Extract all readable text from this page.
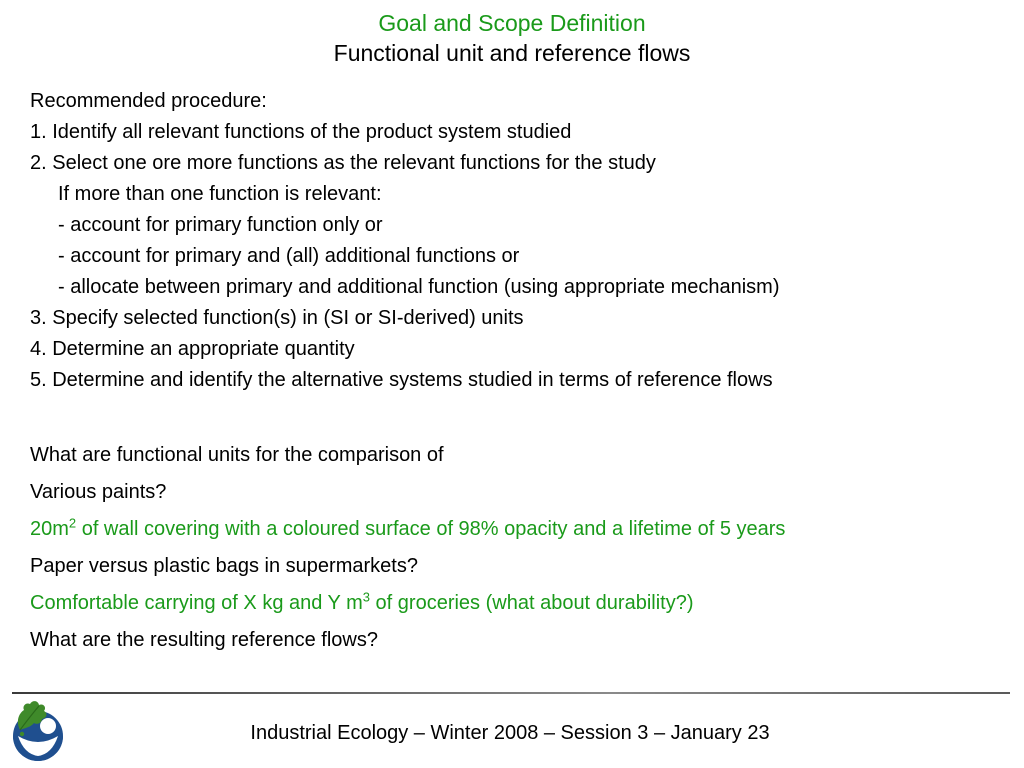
Goal and Scope Definition
Functional unit and reference flows
Recommended procedure:
1. Identify all relevant functions of the product system studied
2. Select one ore more functions as the relevant functions for the study
If more than one function is relevant:
- account for primary function only or
- account for primary and (all) additional functions or
- allocate between primary and additional function (using appropriate mechanism)
3. Specify selected function(s) in (SI or SI-derived) units
4. Determine an appropriate quantity
5. Determine and identify the alternative systems studied in terms of reference flows
What are functional units for the comparison of
Various paints?
$20m^2$ of wall covering with a coloured surface of 98% opacity and a lifetime of 5 years
Paper versus plastic bags in supermarkets?
Comfortable carrying of X kg and Y $m^3$ of groceries (what about durability?)
What are the resulting reference flows?
Industrial Ecology – Winter 2008 – Session 3 – January 23
